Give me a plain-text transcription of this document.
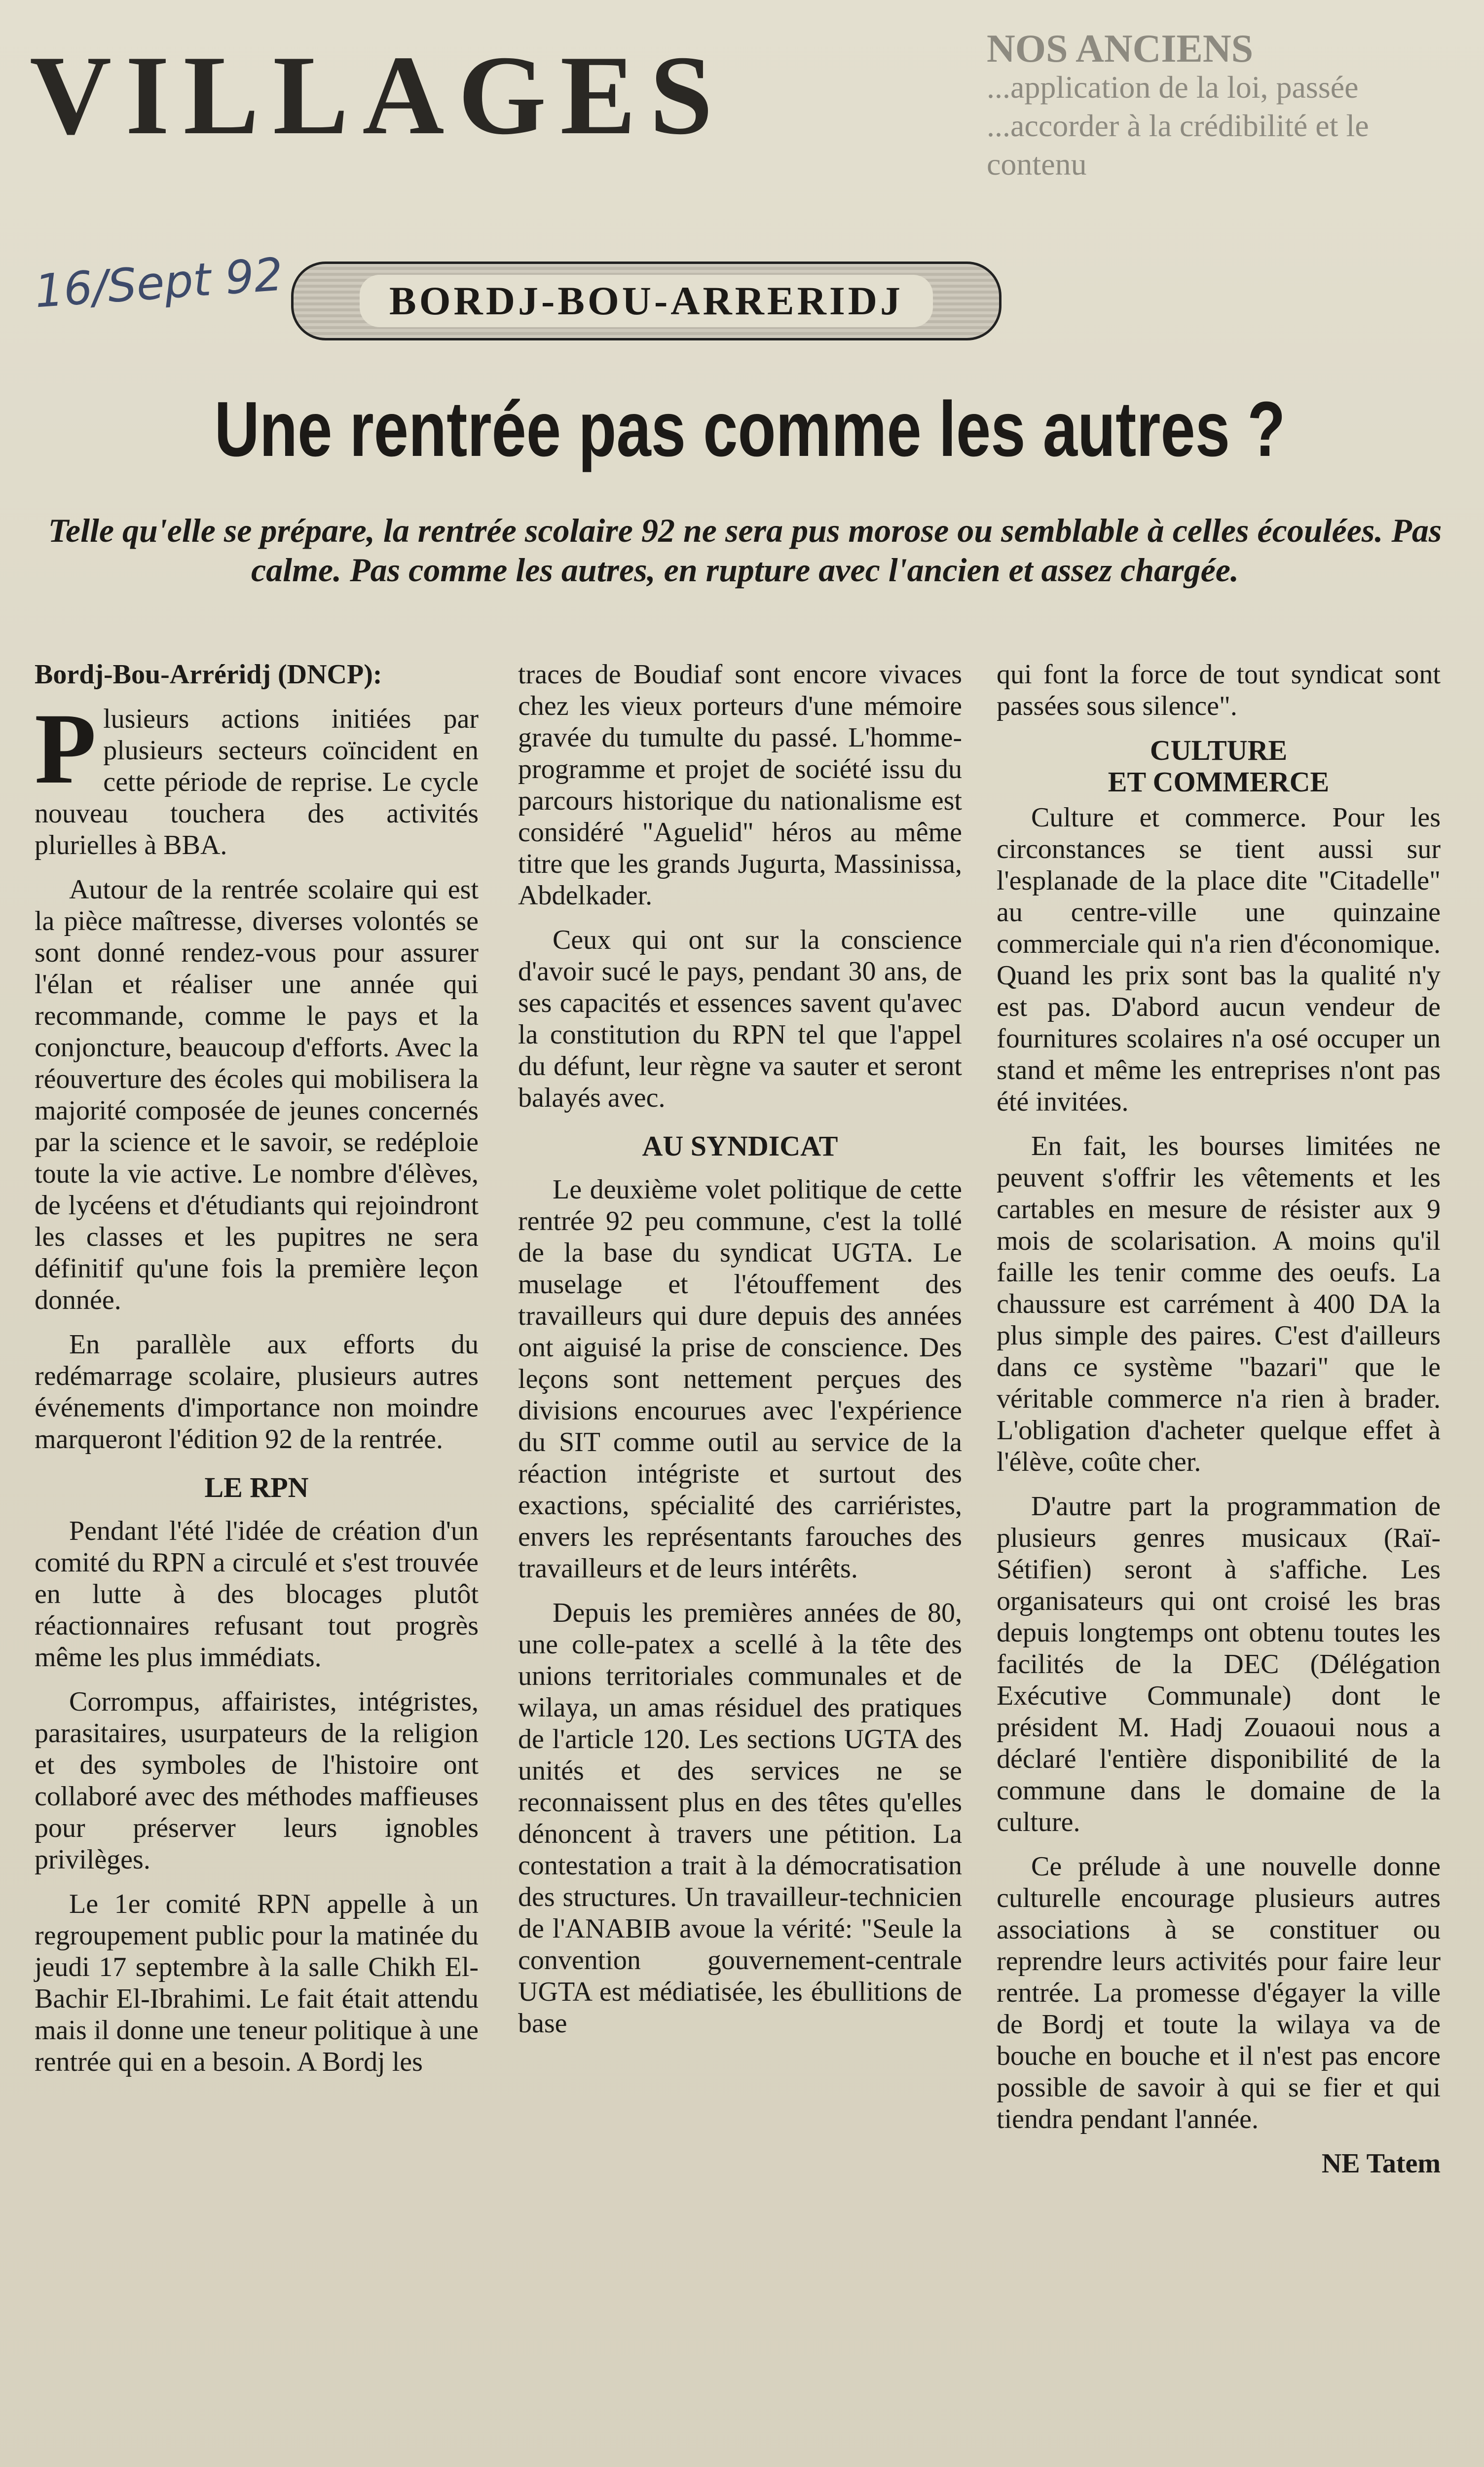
VILLAGES	NOS ANCIENS
...application de la loi, passée
...accorder à la crédibilité et le contenu
16/Sept 92	BORDJ-BOU-ARRERIDJ
Une rentrée pas comme les autres ?
Telle qu'elle se prépare, la rentrée scolaire 92 ne sera pus morose ou semblable à celles écoulées. Pas calme. Pas comme les autres, en rupture avec l'ancien et assez chargée.

Bordj-Bou-Arréridj (DNCP):

Plusieurs actions initiées par plusieurs secteurs coïncident en cette période de reprise. Le cycle nouveau touchera des activités plurielles à BBA.

Autour de la rentrée scolaire qui est la pièce maîtresse, diverses volontés se sont donné rendez-vous pour assurer l'élan et réaliser une année qui recommande, comme le pays et la conjoncture, beaucoup d'efforts. Avec la réouverture des écoles qui mobilisera la majorité composée de jeunes concernés par la science et le savoir, se redéploie toute la vie active. Le nombre d'élèves, de lycéens et d'étudiants qui rejoindront les classes et les pupitres ne sera définitif qu'une fois la première leçon donnée.

En parallèle aux efforts du redémarrage scolaire, plusieurs autres événements d'importance non moindre marqueront l'édition 92 de la rentrée.

LE RPN

Pendant l'été l'idée de création d'un comité du RPN a circulé et s'est trouvée en lutte à des blocages plutôt réactionnaires refusant tout progrès même les plus immédiats.

Corrompus, affairistes, intégristes, parasitaires, usurpateurs de la religion et des symboles de l'histoire ont collaboré avec des méthodes maffieuses pour préserver leurs ignobles privilèges.

Le 1er comité RPN appelle à un regroupement public pour la matinée du jeudi 17 septembre à la salle Chikh El-Bachir El-Ibrahimi. Le fait était attendu mais il donne une teneur politique à une rentrée qui en a besoin. A Bordj les

traces de Boudiaf sont encore vivaces chez les vieux porteurs d'une mémoire gravée du tumulte du passé. L'homme-programme et projet de société issu du parcours historique du nationalisme est considéré "Aguelid" héros au même titre que les grands Jugurta, Massinissa, Abdelkader.

Ceux qui ont sur la conscience d'avoir sucé le pays, pendant 30 ans, de ses capacités et essences savent qu'avec la constitution du RPN tel que l'appel du défunt, leur règne va sauter et seront balayés avec.

AU SYNDICAT

Le deuxième volet politique de cette rentrée 92 peu commune, c'est la tollé de la base du syndicat UGTA. Le muselage et l'étouffement des travailleurs qui dure depuis des années ont aiguisé la prise de conscience. Des leçons sont nettement perçues des divisions encourues avec l'expérience du SIT comme outil au service de la réaction intégriste et surtout des exactions, spécialité des carriéristes, envers les représentants farouches des travailleurs et de leurs intérêts.

Depuis les premières années de 80, une colle-patex a scellé à la tête des unions territoriales communales et de wilaya, un amas résiduel des pratiques de l'article 120. Les sections UGTA des unités et des services ne se reconnaissent plus en des têtes qu'elles dénoncent à travers une pétition. La contestation a trait à la démocratisation des structures. Un travailleur-technicien de l'ANABIB avoue la vérité: "Seule la convention gouvernement-centrale UGTA est médiatisée, les ébullitions de base

qui font la force de tout syndicat sont passées sous silence".

CULTURE
ET COMMERCE

Culture et commerce. Pour les circonstances se tient aussi sur l'esplanade de la place dite "Citadelle" au centre-ville une quinzaine commerciale qui n'a rien d'économique. Quand les prix sont bas la qualité n'y est pas. D'abord aucun vendeur de fournitures scolaires n'a osé occuper un stand et même les entreprises n'ont pas été invitées.

En fait, les bourses limitées ne peuvent s'offrir les vêtements et les cartables en mesure de résister aux 9 mois de scolarisation. A moins qu'il faille les tenir comme des oeufs. La chaussure est carrément à 400 DA la plus simple des paires. C'est d'ailleurs dans ce système "bazari" que le véritable commerce n'a rien à brader. L'obligation d'acheter quelque effet à l'élève, coûte cher.

D'autre part la programmation de plusieurs genres musicaux (Raï-Sétifien) seront à s'affiche. Les organisateurs qui ont croisé les bras depuis longtemps ont obtenu toutes les facilités de la DEC (Délégation Exécutive Communale) dont le président M. Hadj Zouaoui nous a déclaré l'entière disponibilité de la commune dans le domaine de la culture.

Ce prélude à une nouvelle donne culturelle encourage plusieurs autres associations à se constituer ou reprendre leurs activités pour faire leur rentrée. La promesse d'égayer la ville de Bordj et toute la wilaya va de bouche en bouche et il n'est pas encore possible de savoir à qui se fier et qui tiendra pendant l'année.

NE Tatem
